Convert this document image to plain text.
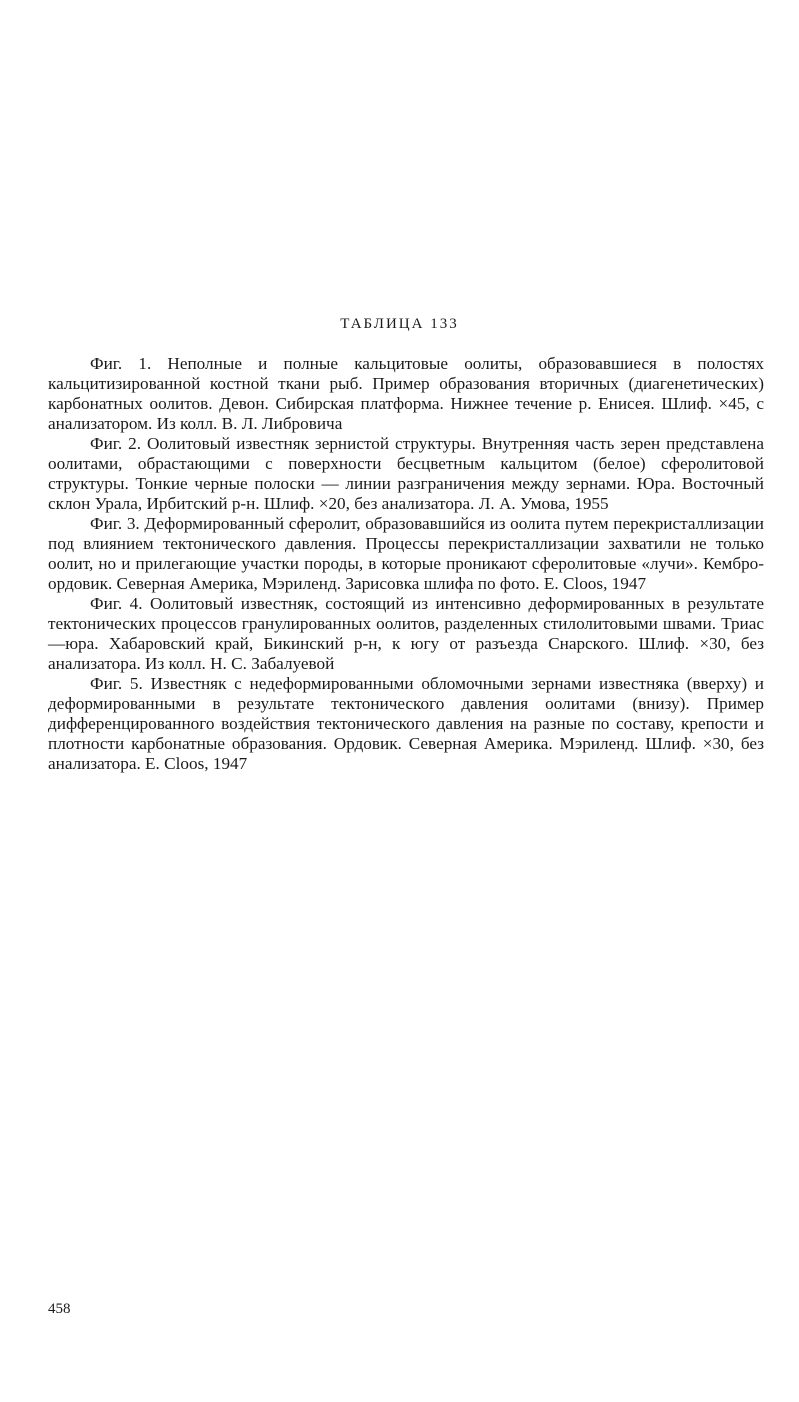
ТАБЛИЦА 133

Фиг. 1. Неполные и полные кальцитовые оолиты, образовавшиеся в полостях кальцитизированной костной ткани рыб. Пример образования вторичных (диагенетических) карбонатных оолитов. Девон. Сибирская платформа. Нижнее течение р. Енисея. Шлиф. ×45, с анализатором. Из колл. В. Л. Либровича

Фиг. 2. Оолитовый известняк зернистой структуры. Внутренняя часть зерен представлена оолитами, обрастающими с поверхности бесцветным кальцитом (белое) сферолитовой структуры. Тонкие черные полоски — линии разграничения между зернами. Юра. Восточный склон Урала, Ирбитский р-н. Шлиф. ×20, без анализатора. Л. А. Умова, 1955

Фиг. 3. Деформированный сферолит, образовавшийся из оолита путем перекристаллизации под влиянием тектонического давления. Процессы перекристаллизации захватили не только оолит, но и прилегающие участки породы, в которые проникают сферолитовые «лучи». Кембро-ордовик. Северная Америка, Мэриленд. Зарисовка шлифа по фото. E. Cloos, 1947

Фиг. 4. Оолитовый известняк, состоящий из интенсивно деформированных в результате тектонических процессов гранулированных оолитов, разделенных стилолитовыми швами. Триас—юра. Хабаровский край, Бикинский р-н, к югу от разъезда Снарского. Шлиф. ×30, без анализатора. Из колл. Н. С. Забалуевой

Фиг. 5. Известняк с недеформированными обломочными зернами известняка (вверху) и деформированными в результате тектонического давления оолитами (внизу). Пример дифференцированного воздействия тектонического давления на разные по составу, крепости и плотности карбонатные образования. Ордовик. Северная Америка. Мэриленд. Шлиф. ×30, без анализатора. E. Cloos, 1947

458
